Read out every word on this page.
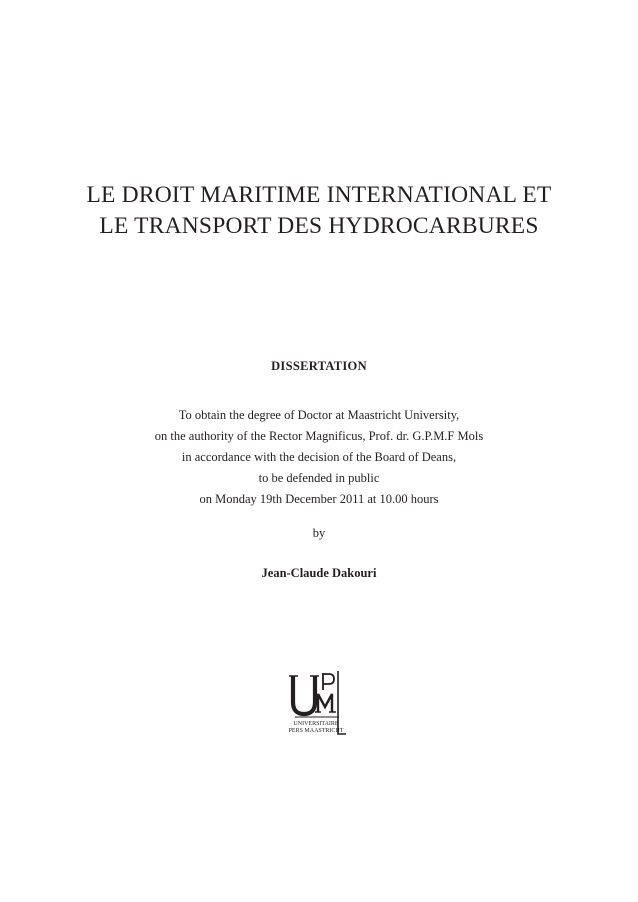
LE DROIT MARITIME INTERNATIONAL ET
LE TRANSPORT DES HYDROCARBURES
DISSERTATION
To obtain the degree of Doctor at Maastricht University,
on the authority of the Rector Magnificus, Prof. dr. G.P.M.F Mols
in accordance with the decision of the Board of Deans,
to be defended in public
on Monday 19th December 2011 at 10.00 hours
by
Jean-Claude Dakouri
UNIVERSITAIRE
PERS MAASTRICHT
